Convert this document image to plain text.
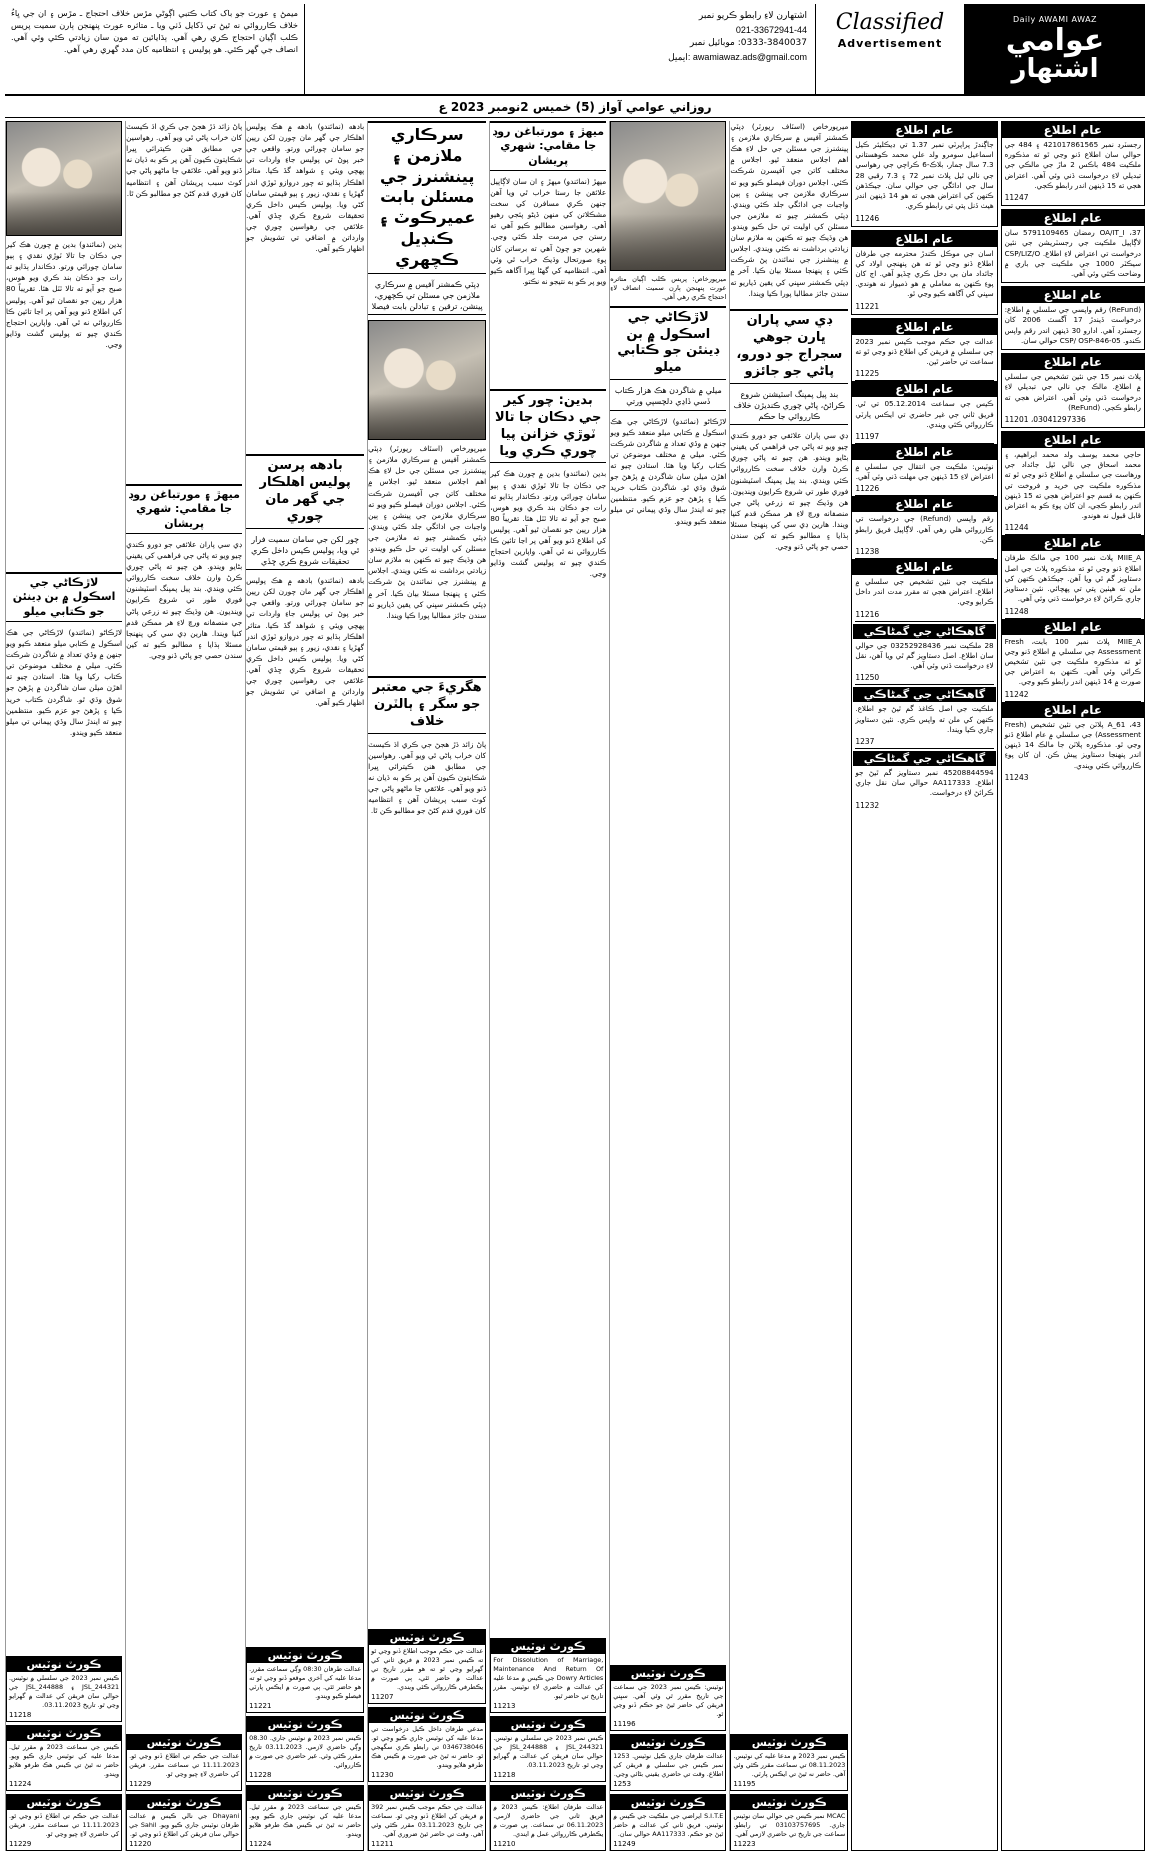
Daily AWAMI AWAZ
عوامي
اشتهار
Classified
Advertisement
اشتهارن لاءِ رابطو ڪريو نمبر
021-33672941-44
0333-3840037: موبائيل نمبر
ايميل: awamiawaz.ads@gmail.com
ميمڻ ۽ عورت جو باک کتاب ڪتبي اڳوڻي مڙس خلاف احتجاج ـ مڙس ۽ ان جي ڀاءُ خلاف ڪارروائي نه ٿيڻ تي ڏکايل ڏٺي ويا ـ متاثره عورت پنهنجن ٻارن سميت پريس ڪلب اڳيان احتجاج ڪري رهي آهي. ٻڌايائين ته مون سان زيادتي ڪئي وئي آهي. انصاف جي گهر ڪئي. هو پوليس ۽ انتظاميه کان مدد گهري رهي آهي.
روزاني عوامي آواز (5) خميس 2نومبر 2023 ع
عام اطلاع
رجسٽرڊ نمبر 421017861565 ۽ 484 جي حوالي سان اطلاع ڏنو وڃي ٿو ته مذڪوره ملڪيت 484 باڪس 2 ماڙ جي مالڪي جي تبديلي لاءِ درخواست ڏني وئي آهي. اعتراض هجي ته 15 ڏينهن اندر رابطو ڪجي.
11247
عام اطلاع
OA/IT_I ،37 رمضان 5791109465 سان لاڳاپيل ملڪيت جي رجسٽريشن جي نئين درخواست تي اعتراض لاءِ اطلاع. CSP/LIZ/O سيڪٽر 1000 جي ملڪيت جي باري ۾ وضاحت ڪئي وئي آهي.
عام اطلاع
(ReFund) رقم واپسي جي سلسلي ۾ اطلاع: درخواست ڏيندڙ 17 آگسٽ 2006 کان رجسٽرڊ آهي. ادارو 30 ڏينهن اندر رقم واپس ڪندو. CSP/ OSP-846-05 حوالي سان.
عام اطلاع
پلاٽ نمبر 15 جي نئين تشخيص جي سلسلي ۾ اطلاع. مالڪ جي نالي جي تبديلي لاءِ درخواست ڏني وئي آهي. اعتراض هجي ته رابطو ڪجي. (ReFund)
11201 ،03041297336
عام اطلاع
حاجي محمد يوسف ولد محمد ابراهيم، ۽ محمد اسحاق جي نالي ٿيل جائداد جي ورهاست جي سلسلي ۾ اطلاع ڏنو وڃي ٿو ته مذڪوره ملڪيت جي خريد و فروخت تي ڪنهن به قسم جو اعتراض هجي ته 15 ڏينهن اندر رابطو ڪجي، ان کان پوءِ ڪو به اعتراض قابل قبول نه هوندو.
11244
عام اطلاع
MIIE_A پلاٽ نمبر 100 جي مالڪ طرفان اطلاع ڏنو وڃي ٿو ته مذڪوره پلاٽ جي اصل دستاويز گم ٿي ويا آهن. جيڪڏهن ڪنهن کي ملن ته هيٺين پتي تي پهچائي. نئين دستاويز جاري ڪرائڻ لاءِ درخواست ڏني وئي آهي.
11248
عام اطلاع
MIIE_A پلاٽ نمبر 100 بابت، Fresh Assessment جي سلسلي ۾ اطلاع ڏنو وڃي ٿو ته مذڪوره ملڪيت جي نئين تشخيص ڪرائي وئي آهي. ڪنهن به اعتراض جي صورت ۾ 14 ڏينهن اندر رابطو ڪيو وڃي.
11242
عام اطلاع
A_61 ،43 پلاٽن جي نئين تشخيص (Fresh Assessment) جي سلسلي ۾ عام اطلاع ڏنو وڃي ٿو. مذڪوره پلاٽن جا مالڪ 14 ڏينهن اندر پنهنجا دستاويز پيش ڪن. ان کان پوءِ ڪارروائي ڪئي ويندي.
11243
عام اطلاع
جاڳندڙ پراپرٽي نمبر 1.37 تي ڊيڪليئر ڪيل اسماعيل سومرو ولد علي محمد ڪوهستاني 7.3 سال ڄمار، بلاڪ-6 ڪراچي جي رهواسي جي نالي ٿيل پلاٽ نمبر 72 ۽ 7.3 رقبي 28 سال جي ادائگي جي حوالي سان. جيڪڏهن ڪنهن کي اعتراض هجي ته هو 14 ڏينهن اندر هيٺ ڏنل پتي تي رابطو ڪري.
11246
عام اطلاع
اسان جي موڪل ڪندڙ محترمه جي طرفان اطلاع ڏنو وڃي ٿو ته هن پنهنجي اولاد کي جائداد مان بي دخل ڪري ڇڏيو آهي. اڄ کان پوءِ ڪنهن به معاملي ۾ هو ذميوار نه هوندي. سڀني کي آگاهه ڪيو وڃي ٿو.
11221
عام اطلاع
عدالت جي حڪم موجب ڪيس نمبر 2023 جي سلسلي ۾ فريقن کي اطلاع ڏنو وڃي ٿو ته سماعت تي حاضر ٿين.
11225
عام اطلاع
ڪيس جي سماعت 05.12.2014 تي ٿي. فريق ثاني جي غير حاضري تي ايڪس پارٽي ڪارروائي ڪئي ويندي.
11197
عام اطلاع
نوٽيس: ملڪيت جي انتقال جي سلسلي ۾ اعتراض لاءِ 15 ڏينهن جي مهلت ڏني وئي آهي.
11226
عام اطلاع
رقم واپسي (Refund) جي درخواست تي ڪارروائي هلي رهي آهي. لاڳاپيل فريق رابطو ڪن.
11238
عام اطلاع
ملڪيت جي نئين تشخيص جي سلسلي ۾ اطلاع. اعتراض هجي ته مقرر مدت اندر داخل ڪرايو وڃي.
11216
گاهڪاڻي جي گمڻاڪي
28 ملڪيت نمبر 03252928436 جي حوالي سان اطلاع. اصل دستاويز گم ٿي ويا آهن، نقل لاءِ درخواست ڏني وئي آهي.
11250
گاهڪاڻي جي گمڻاڪي
ملڪيت جي اصل ڪاغذ گم ٿيڻ جو اطلاع. ڪنهن کي ملن ته واپس ڪري. نئين دستاويز جاري ڪيا ويندا.
1237
گاهڪاڻي جي گمڻاڪي
45208844594 نمبر دستاويز گم ٿيڻ جو اطلاع. AA117333 حوالي سان نقل جاري ڪرائڻ لاءِ درخواست.
11232
ميرپورخاص (اسٽاف رپورٽر) ڊپٽي ڪمشنر آفيس ۾ سرڪاري ملازمن ۽ پينشنرز جي مسئلن جي حل لاءِ هڪ اهم اجلاس منعقد ٿيو. اجلاس ۾ مختلف کاتن جي آفيسرن شرڪت ڪئي. اجلاس دوران فيصلو ڪيو ويو ته سرڪاري ملازمن جي پينشن ۽ ٻين واجبات جي ادائگي جلد ڪئي ويندي. ڊپٽي ڪمشنر چيو ته ملازمن جي مسئلن کي اوليت تي حل ڪيو ويندو. هن وڌيڪ چيو ته ڪنهن به ملازم سان زيادتي برداشت نه ڪئي ويندي. اجلاس ۾ پينشنرز جي نمائندن پڻ شرڪت ڪئي ۽ پنهنجا مسئلا بيان ڪيا. آخر ۾ ڊپٽي ڪمشنر سڀني کي يقين ڏياريو ته سندن جائز مطالبا پورا ڪيا ويندا.
ڊي سي پاران ڀارن جوهي سجراج جو دورو، پاڻي جو جائزو
بند پيل پمپنگ اسٽيشنن شروع ڪرائڻ، پاڻي چوري ڪنديڙن خلاف ڪارروائي جا حڪم
ڊي سي پاران علائقي جو دورو ڪندي چيو ويو ته پاڻي جي فراهمي کي يقيني بڻايو ويندو. هن چيو ته پاڻي چوري ڪرڻ وارن خلاف سخت ڪارروائي ڪئي ويندي. بند پيل پمپنگ اسٽيشنون فوري طور تي شروع ڪرايون وينديون. هن وڌيڪ چيو ته زرعي پاڻي جي منصفانه ورڇ لاءِ هر ممڪن قدم کنيا ويندا. هارين ڊي سي کي پنهنجا مسئلا ٻڌايا ۽ مطالبو ڪيو ته کين سندن حصي جو پاڻي ڏنو وڃي.
ڪورٽ نوٽيس
ڪيس نمبر 2023 ۾ مدعا عليه کي نوٽيس. 08.11.2023 تي سماعت مقرر ڪئي وئي آهي. حاضر نه ٿيڻ تي ايڪس پارٽي.
11195
ڪورٽ نوٽيس
MCAC نمبر ڪيس جي حوالي سان نوٽيس جاري. 03103757695 تي رابطو. سماعت جي تاريخ تي حاضري لازمي آهي.
11223
ميرپورخاص: پريس ڪلب اڳيان متاثره عورت پنهنجن ٻارن سميت انصاف لاءِ احتجاج ڪري رهي آهي.
لاڙڪاڻي جي اسڪول ۾ بن ڊينئن جو ڪتابي ميلو
ميلي ۾ شاگردن هڪ هزار ڪتاب ڏسي ڏاڍي دلچسپي ورتي
لاڙڪاڻو (نمائندو) لاڙڪاڻي جي هڪ اسڪول ۾ ڪتابي ميلو منعقد ڪيو ويو جنهن ۾ وڏي تعداد ۾ شاگردن شرڪت ڪئي. ميلي ۾ مختلف موضوعن تي ڪتاب رکيا ويا هئا. استادن چيو ته اهڙن ميلن سان شاگردن ۾ پڙهڻ جو شوق وڌي ٿو. شاگردن ڪتاب خريد ڪيا ۽ پڙهڻ جو عزم ڪيو. منتظمين چيو ته ايندڙ سال وڏي پيماني تي ميلو منعقد ڪيو ويندو.
ڪورٽ نوٽيس
نوٽيس: ڪيس نمبر 2023 جي سماعت جي تاريخ مقرر ٿي وئي آهي. سڀني فريقن کي حاضر ٿيڻ جو حڪم ڏنو وڃي ٿو.
11196
ڪورٽ نوٽيس
عدالت طرفان جاري ڪيل نوٽيس. 1253 نمبر ڪيس جي سلسلي ۾ فريقن کي اطلاع. وقت تي حاضري يقيني بڻائي وڃي.
1253
ڪورٽ نوٽيس
S.I.T.E ايراضي جي ملڪيت جي ڪيس ۾ نوٽيس. فريق ثاني کي عدالت ۾ حاضر ٿيڻ جو حڪم. AA117333 حوالي سان.
11249
ميهڙ ۽ مورتباغن روڊ جا مقامي: شهري پريشان
ميهڙ (نمائندو) ميهڙ ۽ ان سان لاڳاپيل علائقن جا رستا خراب ٿي ويا آهن جنهن ڪري مسافرن کي سخت مشڪلاتن کي منهن ڏيڻو پئجي رهيو آهي. رهواسين مطالبو ڪيو آهي ته رستن جي مرمت جلد ڪئي وڃي. شهرين جو چوڻ آهي ته برساتن کان پوءِ صورتحال وڌيڪ خراب ٿي وئي آهي. انتظاميه کي گهڻا ڀيرا آگاهه ڪيو ويو پر ڪو به نتيجو نه نڪتو.
بدين: چور کير جي دڪان جا تالا ٽوڙي خزانن پيا چوري ڪري ويا
بدين (نمائندو) بدين ۾ چورن هڪ کير جي دڪان جا تالا ٽوڙي نقدي ۽ ٻيو سامان چورائي ورتو. دڪاندار ٻڌايو ته رات جو دڪان بند ڪري ويو هوس، صبح جو آيو ته تالا ٽٽل هئا. تقريباً 80 هزار رپين جو نقصان ٿيو آهي. پوليس کي اطلاع ڏنو ويو آهي پر اڃا تائين ڪا ڪارروائي نه ٿي آهي. واپارين احتجاج ڪندي چيو ته پوليس گشت وڌايو وڃي.
ڪورٽ نوٽيس
For Dissolution of Marriage, Maintenance And Return Of Dowry Articles جي ڪيس ۾ مدعا عليه کي عدالت ۾ حاضري لاءِ نوٽيس. مقرر تاريخ تي حاضر ٿيو.
11213
ڪورٽ نوٽيس
ڪيس نمبر 2023 جي سلسلي ۾ نوٽيس. JSL_244321 ۽ JSL_244888 جي حوالي سان فريقن کي عدالت ۾ گهرايو وڃي ٿو. تاريخ 03.11.2023.
11218
ڪورٽ نوٽيس
عدالت طرفان اطلاع: ڪيس 2023 ۾ فريق ثاني جي حاضري لازمي. 06.11.2023 تي سماعت. ٻي صورت ۾ يڪطرفي ڪارروائي عمل ۾ ايندي.
11210
سرڪاري ملازمن ۽ پينشنرز جي مسئلن بابت عميرڪوٽ ۽ ڪنڊيل ڪچهري
ڊپٽي ڪمشنر آفيس ۾ سرڪاري ملازمن جي مسئلن تي ڪچهري، پينشن، ترقين ۽ تبادلن بابت فيصلا
ميرپورخاص (اسٽاف رپورٽر) ڊپٽي ڪمشنر آفيس ۾ سرڪاري ملازمن ۽ پينشنرز جي مسئلن جي حل لاءِ هڪ اهم اجلاس منعقد ٿيو. اجلاس ۾ مختلف کاتن جي آفيسرن شرڪت ڪئي. اجلاس دوران فيصلو ڪيو ويو ته سرڪاري ملازمن جي پينشن ۽ ٻين واجبات جي ادائگي جلد ڪئي ويندي. ڊپٽي ڪمشنر چيو ته ملازمن جي مسئلن کي اوليت تي حل ڪيو ويندو. هن وڌيڪ چيو ته ڪنهن به ملازم سان زيادتي برداشت نه ڪئي ويندي. اجلاس ۾ پينشنرز جي نمائندن پڻ شرڪت ڪئي ۽ پنهنجا مسئلا بيان ڪيا. آخر ۾ ڊپٽي ڪمشنر سڀني کي يقين ڏياريو ته سندن جائز مطالبا پورا ڪيا ويندا.
هگريءَ جي معتبر جو سگر ۽ ٻالٽرن خلاف
پاڻ زائد ڌڙ هجڻ جي ڪري اڌ ڪيسٽ کان خراب پاڻي ٿي ويو آهي. رهواسين جي مطابق هنن ڪيترائي ڀيرا شڪايتون ڪيون آهن پر ڪو به ڌيان نه ڏنو ويو آهي. علائقي جا ماڻهو پاڻي جي کوٽ سبب پريشان آهن ۽ انتظاميه کان فوري قدم کڻڻ جو مطالبو ڪن ٿا.
ڪورٽ نوٽيس
عدالت جي حڪم موجب اطلاع ڏنو وڃي ٿو ته ڪيس نمبر 2023 ۾ فريق ثاني کي گهرايو وڃي ٿو ته هو مقرر تاريخ تي عدالت ۾ حاضر ٿئي، ٻي صورت ۾ يڪطرفي ڪارروائي ڪئي ويندي.
11207
ڪورٽ نوٽيس
مدعي طرفان داخل ڪيل درخواست تي مدعا عليه کي نوٽيس جاري ڪيو وڃي ٿو. 0346738046 تي رابطو ڪري سگهجي ٿو. حاضر نه ٿيڻ جي صورت ۾ ڪيس هڪ طرفو هلايو ويندو.
11230
ڪورٽ نوٽيس
عدالت جي حڪم موجب ڪيس نمبر 392 ۾ فريقن کي اطلاع ڏنو وڃي ٿو. سماعت جي تاريخ 03.11.2023 مقرر ڪئي وئي آهي. وقت تي حاضر ٿيڻ ضروري آهي.
11211
بادهه (نمائندو) بادهه ۾ هڪ پوليس اهلڪار جي گهر مان چورن لکن رپين جو سامان چورائي ورتو. واقعي جي خبر پوڻ تي پوليس جاءِ واردات تي پهچي ويئي ۽ شواهد گڏ ڪيا. متاثر اهلڪار ٻڌايو ته چور دروازو ٽوڙي اندر گهڙيا ۽ نقدي، زيور ۽ ٻيو قيمتي سامان کڻي ويا. پوليس ڪيس داخل ڪري تحقيقات شروع ڪري ڇڏي آهي. علائقي جي رهواسين چوري جي وارداتن ۾ اضافي تي تشويش جو اظهار ڪيو آهي.
بادهه پرسن پوليس اهلڪار جي گهر مان چوري
چور لکن جي سامان سميت فرار ٿي ويا، پوليس ڪيس داخل ڪري تحقيقات شروع ڪري ڇڏي
بادهه (نمائندو) بادهه ۾ هڪ پوليس اهلڪار جي گهر مان چورن لکن رپين جو سامان چورائي ورتو. واقعي جي خبر پوڻ تي پوليس جاءِ واردات تي پهچي ويئي ۽ شواهد گڏ ڪيا. متاثر اهلڪار ٻڌايو ته چور دروازو ٽوڙي اندر گهڙيا ۽ نقدي، زيور ۽ ٻيو قيمتي سامان کڻي ويا. پوليس ڪيس داخل ڪري تحقيقات شروع ڪري ڇڏي آهي. علائقي جي رهواسين چوري جي وارداتن ۾ اضافي تي تشويش جو اظهار ڪيو آهي.
ڪورٽ نوٽيس
عدالت طرفان 08:30 وڳي سماعت مقرر. مدعا عليه کي آخري موقعو ڏنو وڃي ٿو ته هو حاضر ٿئي. ٻي صورت ۾ ايڪس پارٽي فيصلو ڪيو ويندو.
11221
ڪورٽ نوٽيس
ڪيس نمبر 2023 ۾ نوٽيس جاري. 08.30 وڳي حاضري لازمي. 03.11.2023 تاريخ مقرر ڪئي وئي. غير حاضري جي صورت ۾ ڪارروائي.
11228
ڪورٽ نوٽيس
ڪيس جي سماعت 2023 ۾ مقرر ٿيل. مدعا عليه کي نوٽيس جاري ڪيو ويو. حاضر نه ٿيڻ تي ڪيس هڪ طرفو هلايو ويندو.
11224
پاڻ زائد ڌڙ هجڻ جي ڪري اڌ ڪيسٽ کان خراب پاڻي ٿي ويو آهي. رهواسين جي مطابق هنن ڪيترائي ڀيرا شڪايتون ڪيون آهن پر ڪو به ڌيان نه ڏنو ويو آهي. علائقي جا ماڻهو پاڻي جي کوٽ سبب پريشان آهن ۽ انتظاميه کان فوري قدم کڻڻ جو مطالبو ڪن ٿا.
ميهڙ ۽ مورتباغن روڊ جا مقامي: شهري پريشان
ڊي سي پاران علائقي جو دورو ڪندي چيو ويو ته پاڻي جي فراهمي کي يقيني بڻايو ويندو. هن چيو ته پاڻي چوري ڪرڻ وارن خلاف سخت ڪارروائي ڪئي ويندي. بند پيل پمپنگ اسٽيشنون فوري طور تي شروع ڪرايون وينديون. هن وڌيڪ چيو ته زرعي پاڻي جي منصفانه ورڇ لاءِ هر ممڪن قدم کنيا ويندا. هارين ڊي سي کي پنهنجا مسئلا ٻڌايا ۽ مطالبو ڪيو ته کين سندن حصي جو پاڻي ڏنو وڃي.
ڪورٽ نوٽيس
عدالت جي حڪم تي اطلاع ڏنو وڃي ٿو. 11.11.2023 تي سماعت مقرر. فريقن کي حاضري لاءِ چيو وڃي ٿو.
11229
ڪورٽ نوٽيس
Dhayani جي نالي ڪيس ۾ عدالت طرفان نوٽيس جاري ڪيو ويو. Sahil جي حوالي سان فريقن کي اطلاع ڏنو وڃي ٿو.
11220
بدين (نمائندو) بدين ۾ چورن هڪ کير جي دڪان جا تالا ٽوڙي نقدي ۽ ٻيو سامان چورائي ورتو. دڪاندار ٻڌايو ته رات جو دڪان بند ڪري ويو هوس، صبح جو آيو ته تالا ٽٽل هئا. تقريباً 80 هزار رپين جو نقصان ٿيو آهي. پوليس کي اطلاع ڏنو ويو آهي پر اڃا تائين ڪا ڪارروائي نه ٿي آهي. واپارين احتجاج ڪندي چيو ته پوليس گشت وڌايو وڃي.
لاڙڪاڻي جي اسڪول ۾ بن ڊينئن جو ڪتابي ميلو
لاڙڪاڻو (نمائندو) لاڙڪاڻي جي هڪ اسڪول ۾ ڪتابي ميلو منعقد ڪيو ويو جنهن ۾ وڏي تعداد ۾ شاگردن شرڪت ڪئي. ميلي ۾ مختلف موضوعن تي ڪتاب رکيا ويا هئا. استادن چيو ته اهڙن ميلن سان شاگردن ۾ پڙهڻ جو شوق وڌي ٿو. شاگردن ڪتاب خريد ڪيا ۽ پڙهڻ جو عزم ڪيو. منتظمين چيو ته ايندڙ سال وڏي پيماني تي ميلو منعقد ڪيو ويندو.
ڪورٽ نوٽيس
ڪيس نمبر 2023 جي سلسلي ۾ نوٽيس. JSL_244321 ۽ JSL_244888 جي حوالي سان فريقن کي عدالت ۾ گهرايو وڃي ٿو. تاريخ 03.11.2023.
11218
ڪورٽ نوٽيس
ڪيس جي سماعت 2023 ۾ مقرر ٿيل. مدعا عليه کي نوٽيس جاري ڪيو ويو. حاضر نه ٿيڻ تي ڪيس هڪ طرفو هلايو ويندو.
11224
ڪورٽ نوٽيس
عدالت جي حڪم تي اطلاع ڏنو وڃي ٿو. 11.11.2023 تي سماعت مقرر. فريقن کي حاضري لاءِ چيو وڃي ٿو.
11229
